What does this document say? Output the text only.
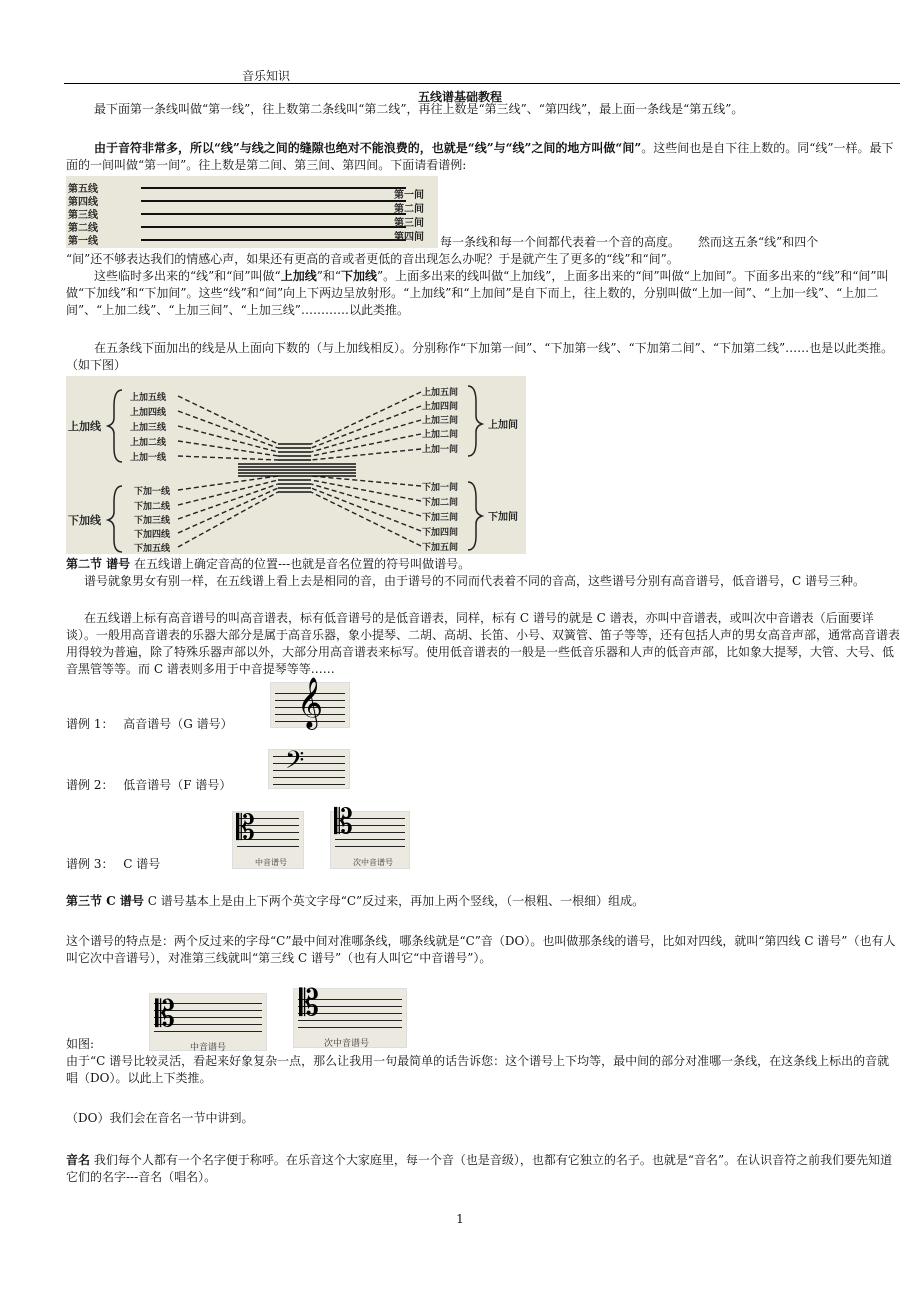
音乐知识
五线谱基础教程
最下面第一条线叫做“第一线”，往上数第二条线叫“第二线”，再往上数是“第三线”、“第四线”，最上面一条线是“第五线”。
由于音符非常多，所以“线”与线之间的缝隙也绝对不能浪费的，也就是“线”与“线”之间的地方叫做“间”。这些间也是自下往上数的。同“线”一样。最下面的一间叫做“第一间”。往上数是第二间、第三间、第四间。下面请看谱例:
第五线
第四线
第三线
第二线
第一线
第一间
第二间
第三间
第四间 每一条线和每一个间都代表着一个音的高度。　　然而这五条“线”和四个
“间”还不够表达我们的情感心声，如果还有更高的音或者更低的音出现怎么办呢？于是就产生了更多的“线”和“间”。
这些临时多出来的“线”和“间”叫做“上加线”和“下加线”。上面多出来的线叫做“上加线”，上面多出来的“间”叫做“上加间”。下面多出来的“线”和“间”叫做“下加线”和“下加间”。这些“线”和“间”向上下两边呈放射形。“上加线”和“上加间”是自下而上，往上数的，分别叫做“上加一间”、“上加一线”、“上加二间”、“上加二线”、“上加三间”、“上加三线”…………以此类推。
在五条线下面加出的线是从上面向下数的（与上加线相反）。分别称作“下加第一间”、“下加第一线”、“下加第二间”、“下加第二线”……也是以此类推。（如下图）
上加线	上加间
下加线	下加间
上加五线
上加四线
上加三线
上加二线
上加一线
上加五间
上加四间
上加三间
上加二间
上加一间
下加一线
下加二线
下加三线
下加四线
下加五线
下加一间
下加二间
下加三间
下加四间
下加五间
第二节 谱号 在五线谱上确定音高的位置---也就是音名位置的符号叫做谱号。
谱号就象男女有别一样，在五线谱上看上去是相同的音，由于谱号的不同而代表着不同的音高，这些谱号分别有高音谱号，低音谱号，C 谱号三种。
在五线谱上标有高音谱号的叫高音谱表，标有低音谱号的是低音谱表，同样，标有 C 谱号的就是 C 谱表，亦叫中音谱表，或叫次中音谱表（后面要详谈）。一般用高音谱表的乐器大部分是属于高音乐器，象小提琴、二胡、高胡、长笛、小号、双簧管、笛子等等，还有包括人声的男女高音声部，通常高音谱表用得较为普遍，除了特殊乐器声部以外，大部分用高音谱表来标写。使用低音谱表的一般是一些低音乐器和人声的低音声部，比如象大提琴，大管、大号、低音黑管等等。而 C 谱表则多用于中音提琴等等……
谱例 1：　 高音谱号（G 谱号） 𝄞
谱例 2：　 低音谱号（F 谱号）
𝄢
谱例 3：　 C 谱号
𝄡
中音谱号
𝄡
次中音谱号
第三节 C 谱号 C 谱号基本上是由上下两个英文字母“C”反过来，再加上两个竖线，（一根粗、一根细）组成。
这个谱号的特点是：两个反过来的字母“C”最中间对准哪条线，哪条线就是“C”音（DO）。也叫做那条线的谱号，比如对四线，就叫“第四线 C 谱号”（也有人叫它次中音谱号），对准第三线就叫“第三线 C 谱号”（也有人叫它“中音谱号”）。
𝄡
中音谱号
𝄡
次中音谱号
如图:
由于“C 谱号比较灵活，看起来好象复杂一点，那么让我用一句最简单的话告诉您：这个谱号上下均等，最中间的部分对准哪一条线，在这条线上标出的音就唱（DO）。以此上下类推。
（DO）我们会在音名一节中讲到。
音名 我们每个人都有一个名字便于称呼。在乐音这个大家庭里，每一个音（也是音级），也都有它独立的名子。也就是“音名”。在认识音符之前我们要先知道它们的名字---音名（唱名）。
1
